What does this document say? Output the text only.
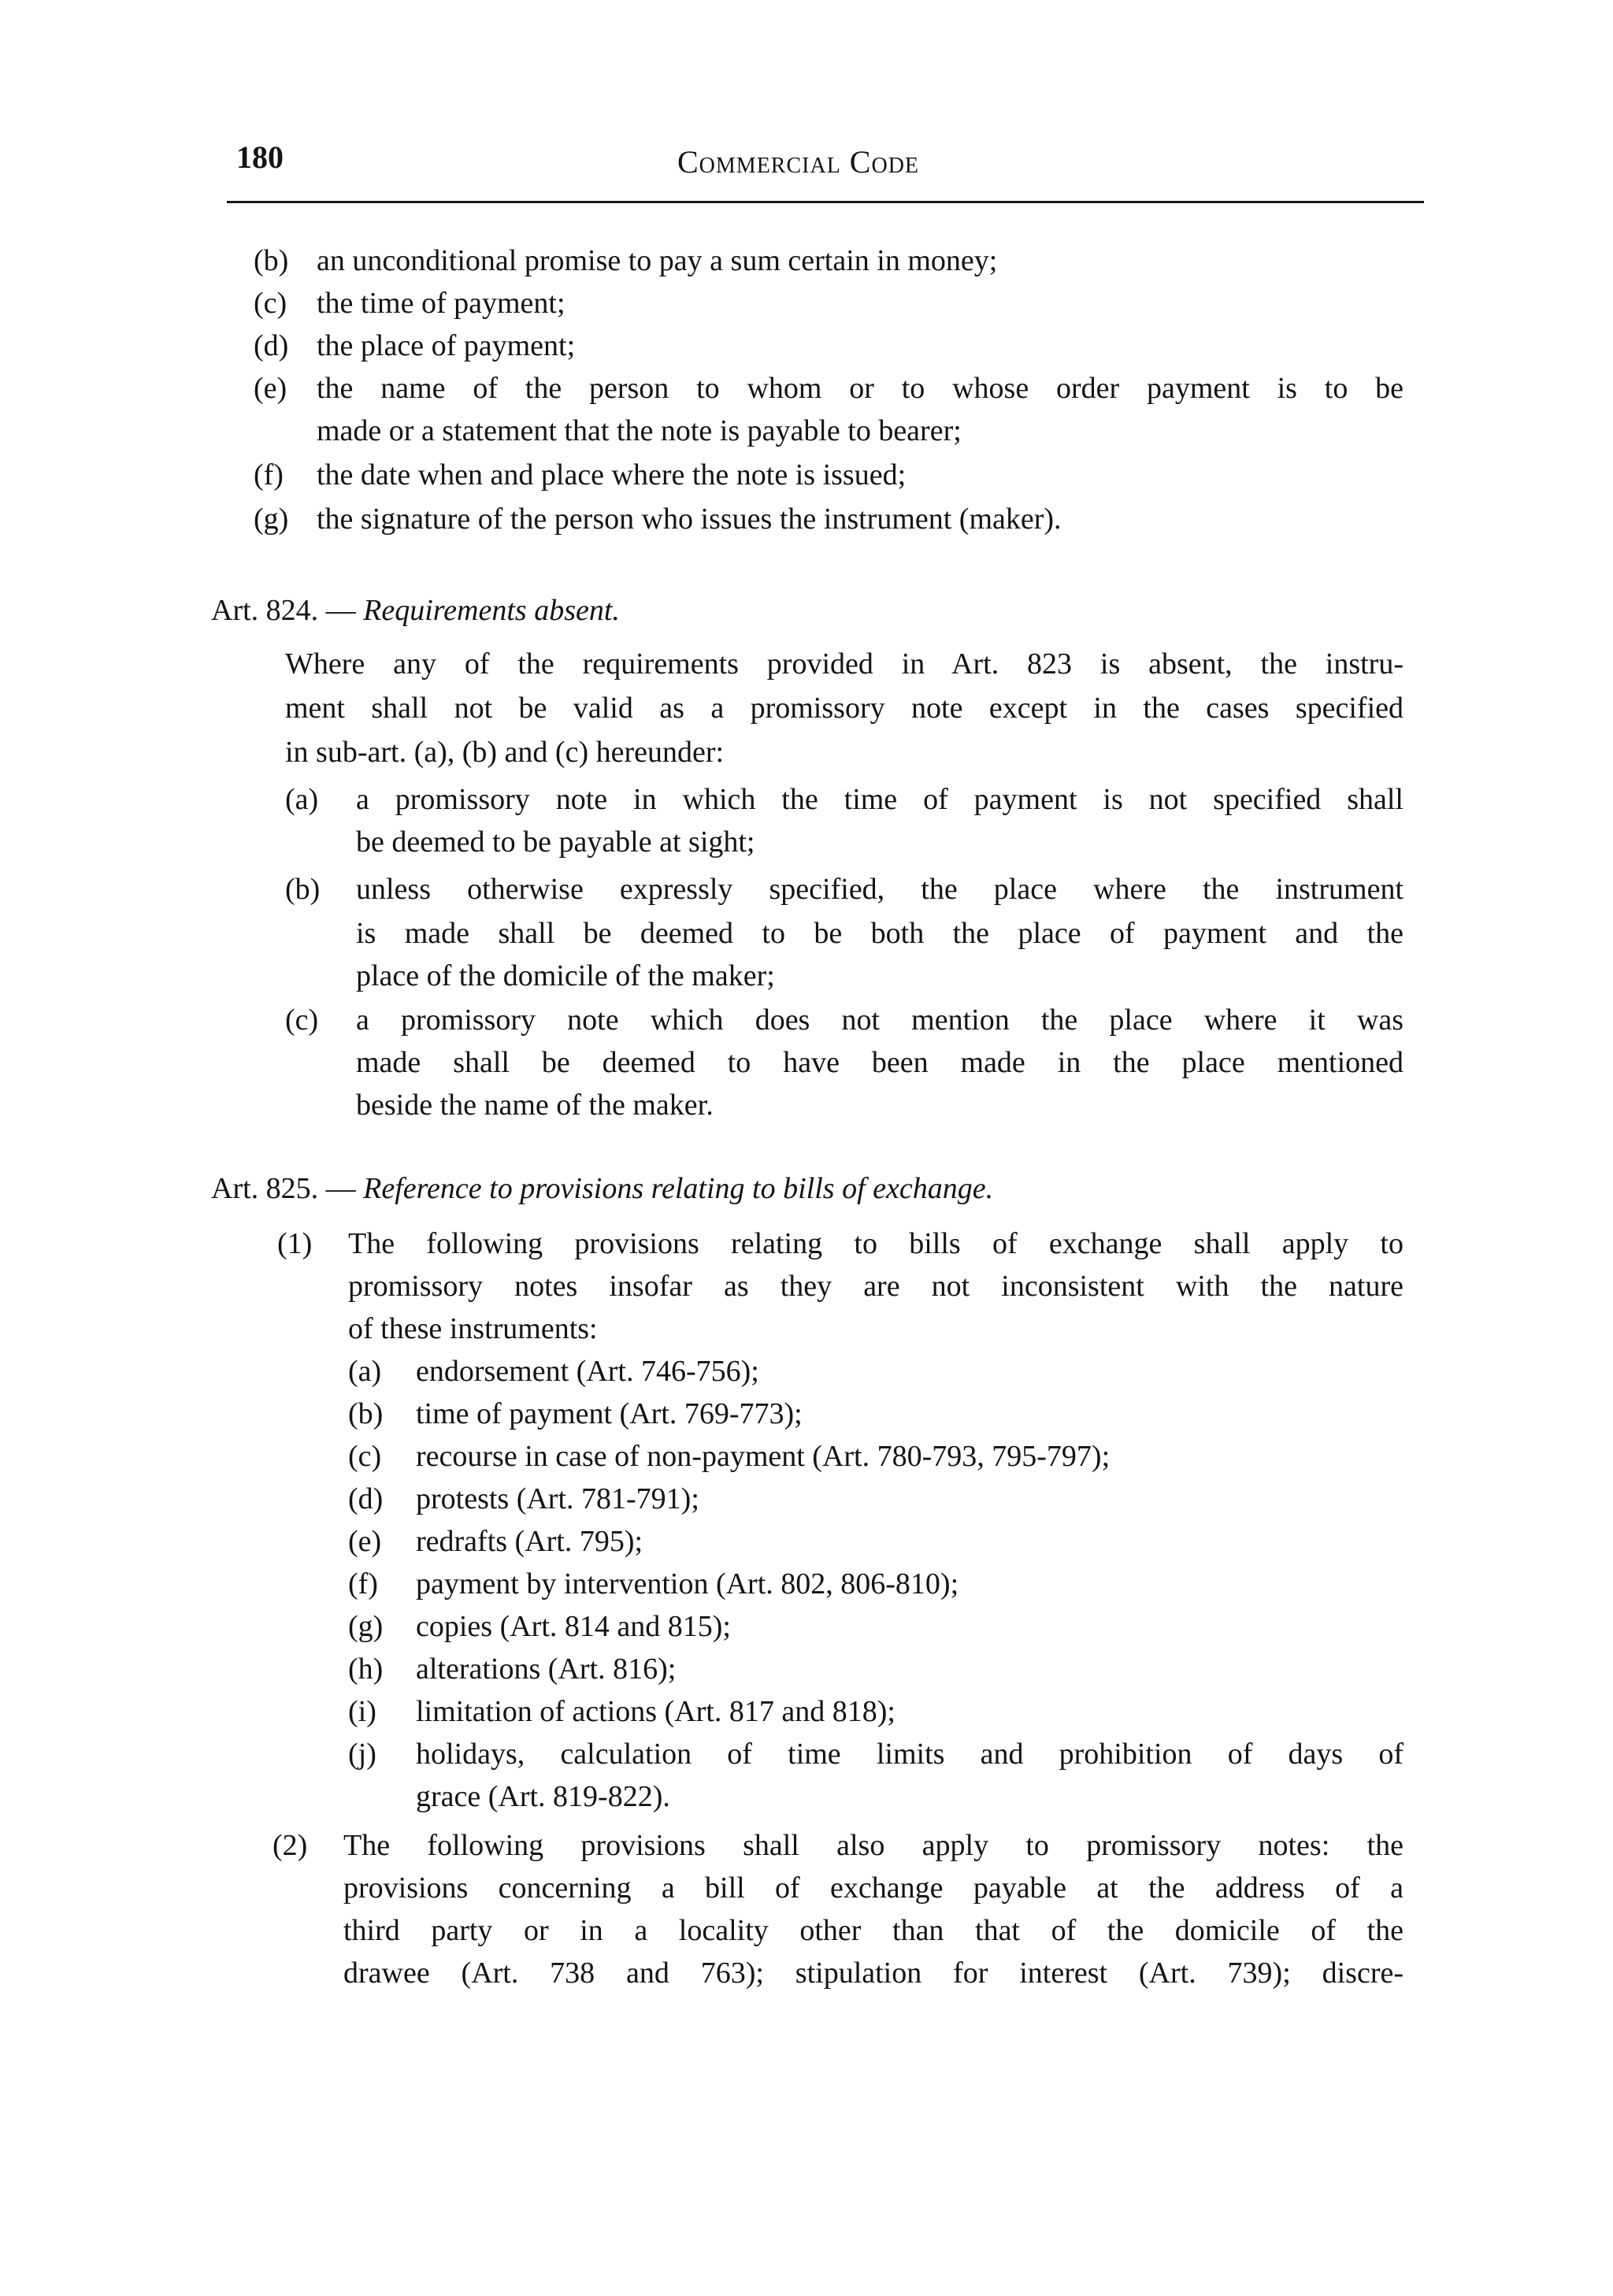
180	Commercial Code
(b) an unconditional promise to pay a sum certain in money;
(c) the time of payment;
(d) the place of payment;
(e) the name of the person to whom or to whose order payment is to be
made or a statement that the note is payable to bearer;
(f) the date when and place where the note is issued;
(g) the signature of the person who issues the instrument (maker).
Art. 824. — Requirements absent.
Where any of the requirements provided in Art. 823 is absent, the instru-
ment shall not be valid as a promissory note except in the cases specified
in sub-art. (a), (b) and (c) hereunder:
(a) a promissory note in which the time of payment is not specified shall
be deemed to be payable at sight;
(b) unless otherwise expressly specified, the place where the instrument
is made shall be deemed to be both the place of payment and the
place of the domicile of the maker;
(c) a promissory note which does not mention the place where it was
made shall be deemed to have been made in the place mentioned
beside the name of the maker.
Art. 825. — Reference to provisions relating to bills of exchange.
(1) The following provisions relating to bills of exchange shall apply to
promissory notes insofar as they are not inconsistent with the nature
of these instruments:
(a) endorsement (Art. 746-756);
(b) time of payment (Art. 769-773);
(c) recourse in case of non-payment (Art. 780-793, 795-797);
(d) protests (Art. 781-791);
(e) redrafts (Art. 795);
(f) payment by intervention (Art. 802, 806-810);
(g) copies (Art. 814 and 815);
(h) alterations (Art. 816);
(i) limitation of actions (Art. 817 and 818);
(j) holidays, calculation of time limits and prohibition of days of
grace (Art. 819-822).
(2) The following provisions shall also apply to promissory notes: the
provisions concerning a bill of exchange payable at the address of a
third party or in a locality other than that of the domicile of the
drawee (Art. 738 and 763); stipulation for interest (Art. 739); discre-
